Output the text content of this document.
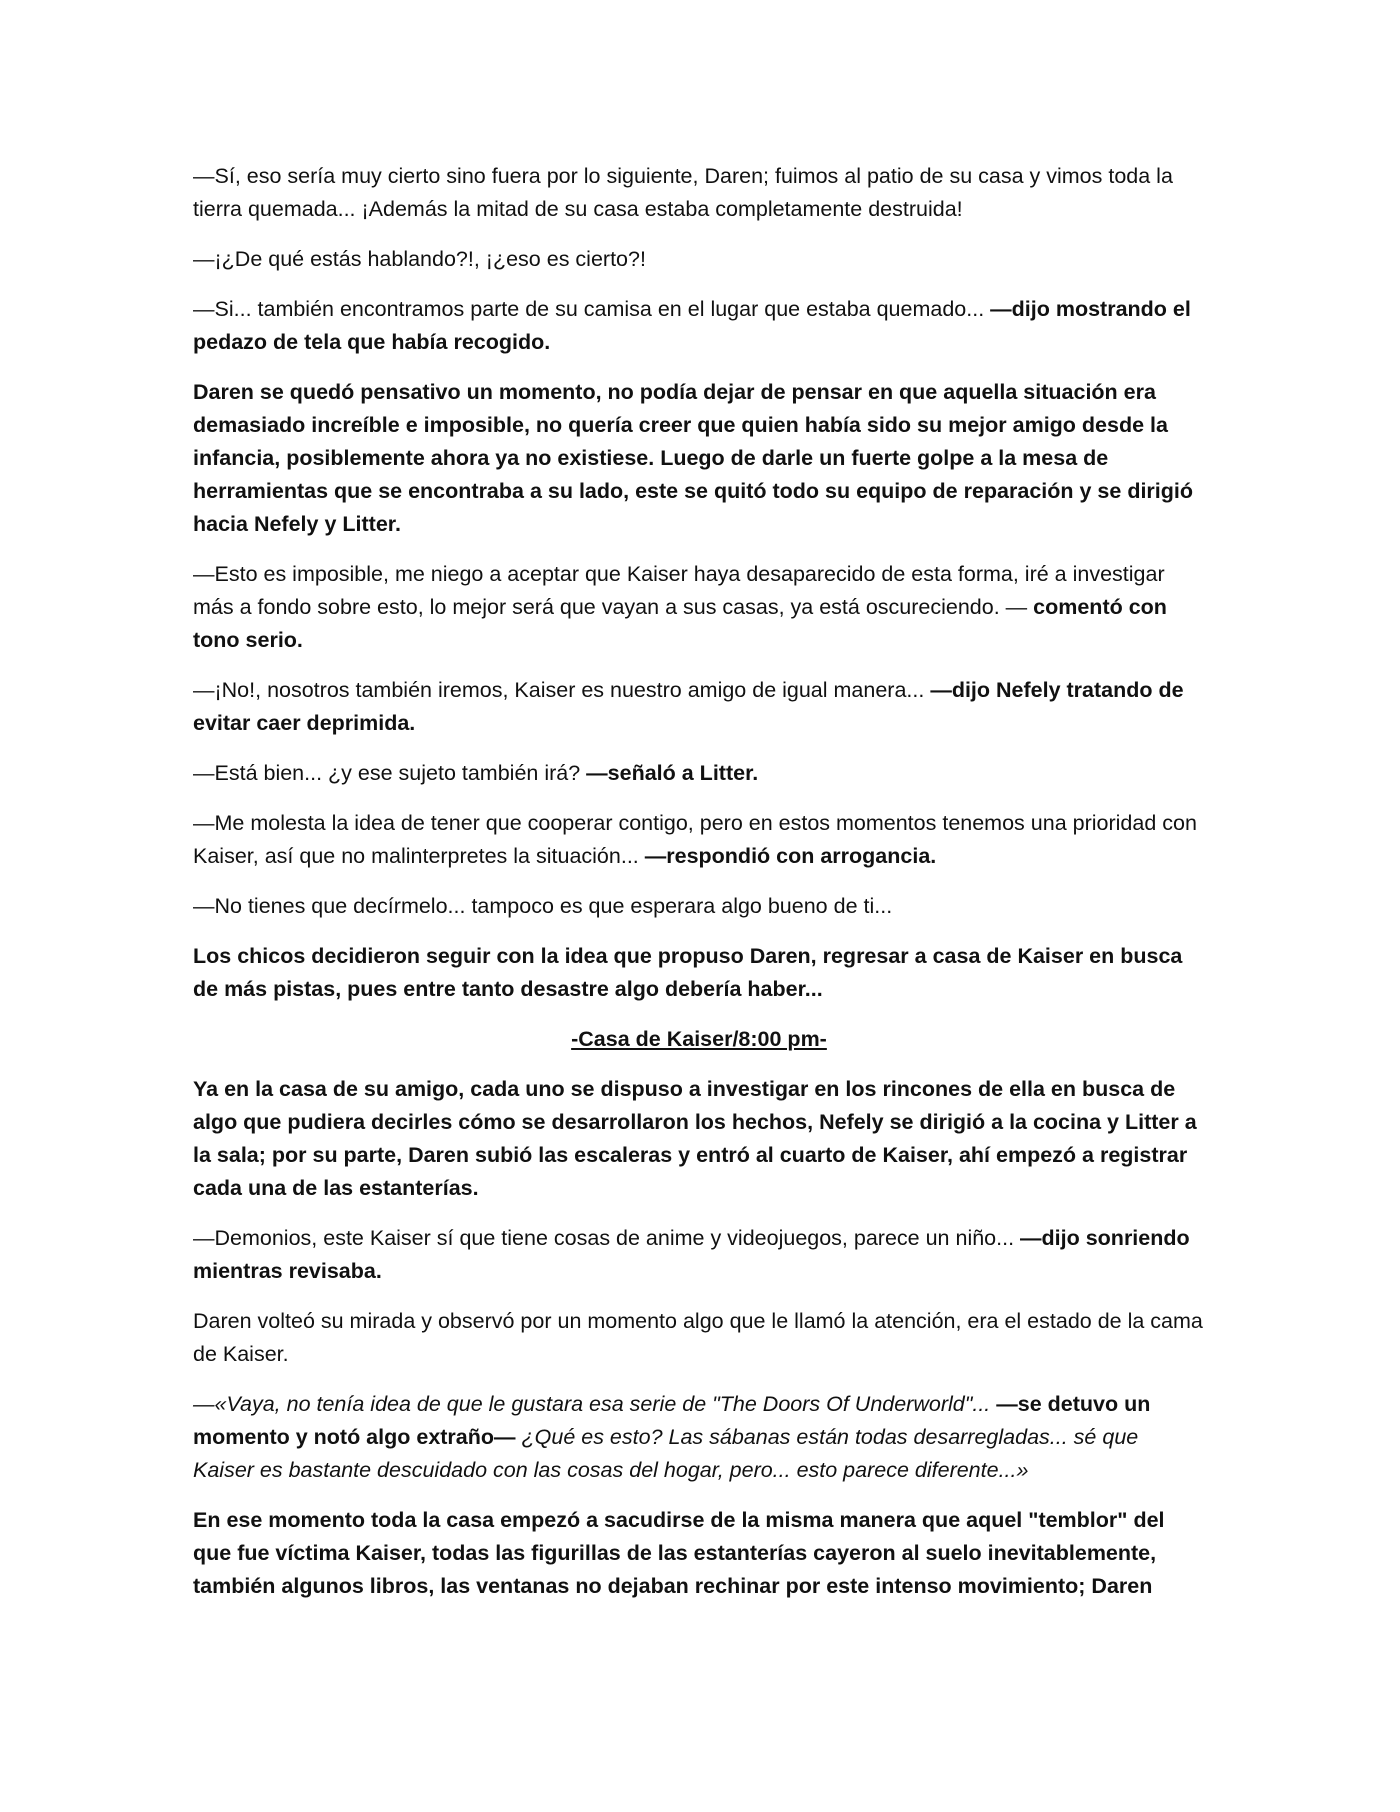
—Sí, eso sería muy cierto sino fuera por lo siguiente, Daren; fuimos al patio de su casa y vimos toda la tierra quemada... ¡Además la mitad de su casa estaba completamente destruida!

—¡¿De qué estás hablando?!, ¡¿eso es cierto?!

—Si... también encontramos parte de su camisa en el lugar que estaba quemado... —dijo mostrando el pedazo de tela que había recogido.

Daren se quedó pensativo un momento, no podía dejar de pensar en que aquella situación era demasiado increíble e imposible, no quería creer que quien había sido su mejor amigo desde la infancia, posiblemente ahora ya no existiese. Luego de darle un fuerte golpe a la mesa de herramientas que se encontraba a su lado, este se quitó todo su equipo de reparación y se dirigió hacia Nefely y Litter.

—Esto es imposible, me niego a aceptar que Kaiser haya desaparecido de esta forma, iré a investigar más a fondo sobre esto, lo mejor será que vayan a sus casas, ya está oscureciendo. — comentó con tono serio.

—¡No!, nosotros también iremos, Kaiser es nuestro amigo de igual manera... —dijo Nefely tratando de evitar caer deprimida.

—Está bien... ¿y ese sujeto también irá? —señaló a Litter.

—Me molesta la idea de tener que cooperar contigo, pero en estos momentos tenemos una prioridad con Kaiser, así que no malinterpretes la situación... —respondió con arrogancia.

—No tienes que decírmelo... tampoco es que esperara algo bueno de ti...

Los chicos decidieron seguir con la idea que propuso Daren, regresar a casa de Kaiser en busca de más pistas, pues entre tanto desastre algo debería haber...

-Casa de Kaiser/8:00 pm-

Ya en la casa de su amigo, cada uno se dispuso a investigar en los rincones de ella en busca de algo que pudiera decirles cómo se desarrollaron los hechos, Nefely se dirigió a la cocina y Litter a la sala; por su parte, Daren subió las escaleras y entró al cuarto de Kaiser, ahí empezó a registrar cada una de las estanterías.

—Demonios, este Kaiser sí que tiene cosas de anime y videojuegos, parece un niño... —dijo sonriendo mientras revisaba.

Daren volteó su mirada y observó por un momento algo que le llamó la atención, era el estado de la cama de Kaiser.

—«Vaya, no tenía idea de que le gustara esa serie de "The Doors Of Underworld"... —se detuvo un momento y notó algo extraño— ¿Qué es esto? Las sábanas están todas desarregladas... sé que Kaiser es bastante descuidado con las cosas del hogar, pero... esto parece diferente...»

En ese momento toda la casa empezó a sacudirse de la misma manera que aquel "temblor" del que fue víctima Kaiser, todas las figurillas de las estanterías cayeron al suelo inevitablemente, también algunos libros, las ventanas no dejaban rechinar por este intenso movimiento; Daren
